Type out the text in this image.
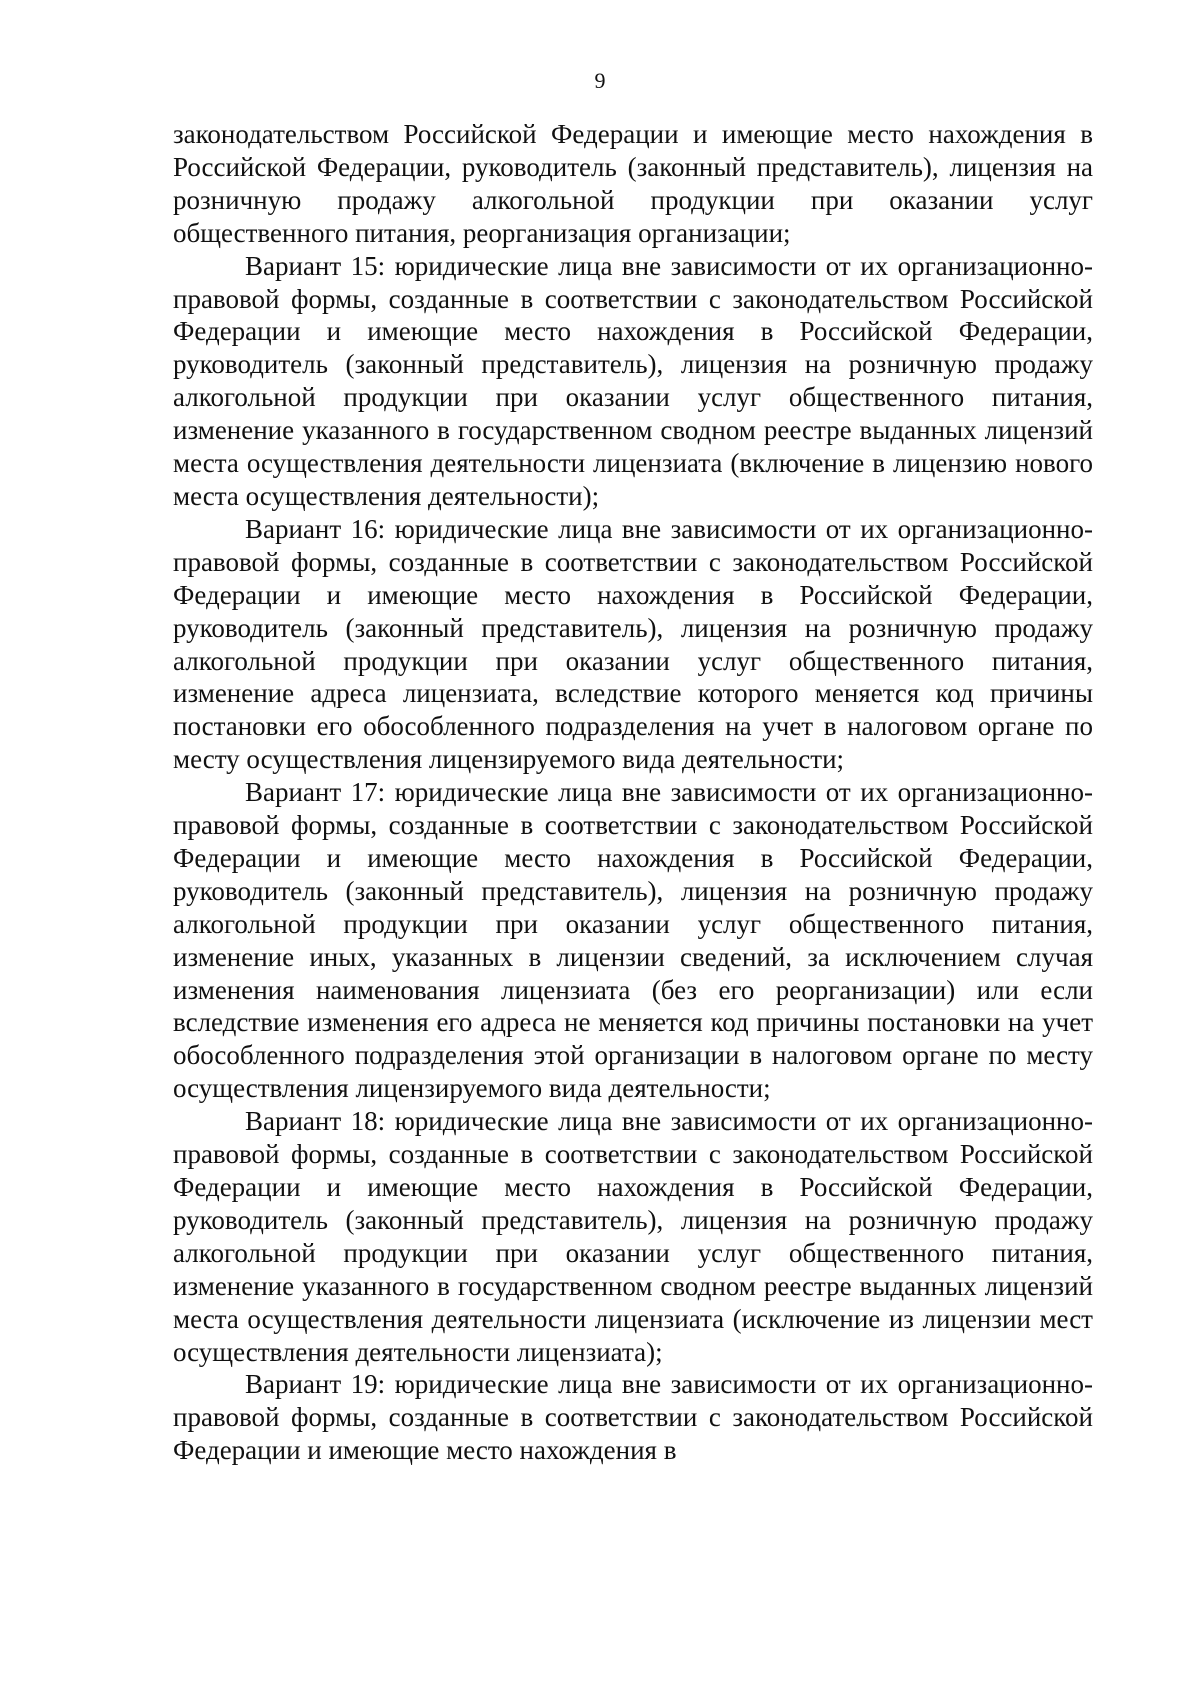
9

законодательством Российской Федерации и имеющие место нахождения в Российской Федерации, руководитель (законный представитель), лицензия на розничную продажу алкогольной продукции при оказании услуг общественного питания, реорганизация организации;

Вариант 15: юридические лица вне зависимости от их организационно-правовой формы, созданные в соответствии с законодательством Российской Федерации и имеющие место нахождения в Российской Федерации, руководитель (законный представитель), лицензия на розничную продажу алкогольной продукции при оказании услуг общественного питания, изменение указанного в государственном сводном реестре выданных лицензий места осуществления деятельности лицензиата (включение в лицензию нового места осуществления деятельности);

Вариант 16: юридические лица вне зависимости от их организационно-правовой формы, созданные в соответствии с законодательством Российской Федерации и имеющие место нахождения в Российской Федерации, руководитель (законный представитель), лицензия на розничную продажу алкогольной продукции при оказании услуг общественного питания, изменение адреса лицензиата, вследствие которого меняется код причины постановки его обособленного подразделения на учет в налоговом органе по месту осуществления лицензируемого вида деятельности;

Вариант 17: юридические лица вне зависимости от их организационно-правовой формы, созданные в соответствии с законодательством Российской Федерации и имеющие место нахождения в Российской Федерации, руководитель (законный представитель), лицензия на розничную продажу алкогольной продукции при оказании услуг общественного питания, изменение иных, указанных в лицензии сведений, за исключением случая изменения наименования лицензиата (без его реорганизации) или если вследствие изменения его адреса не меняется код причины постановки на учет обособленного подразделения этой организации в налоговом органе по месту осуществления лицензируемого вида деятельности;

Вариант 18: юридические лица вне зависимости от их организационно-правовой формы, созданные в соответствии с законодательством Российской Федерации и имеющие место нахождения в Российской Федерации, руководитель (законный представитель), лицензия на розничную продажу алкогольной продукции при оказании услуг общественного питания, изменение указанного в государственном сводном реестре выданных лицензий места осуществления деятельности лицензиата (исключение из лицензии мест осуществления деятельности лицензиата);

Вариант 19: юридические лица вне зависимости от их организационно-правовой формы, созданные в соответствии с законодательством Российской Федерации и имеющие место нахождения в
